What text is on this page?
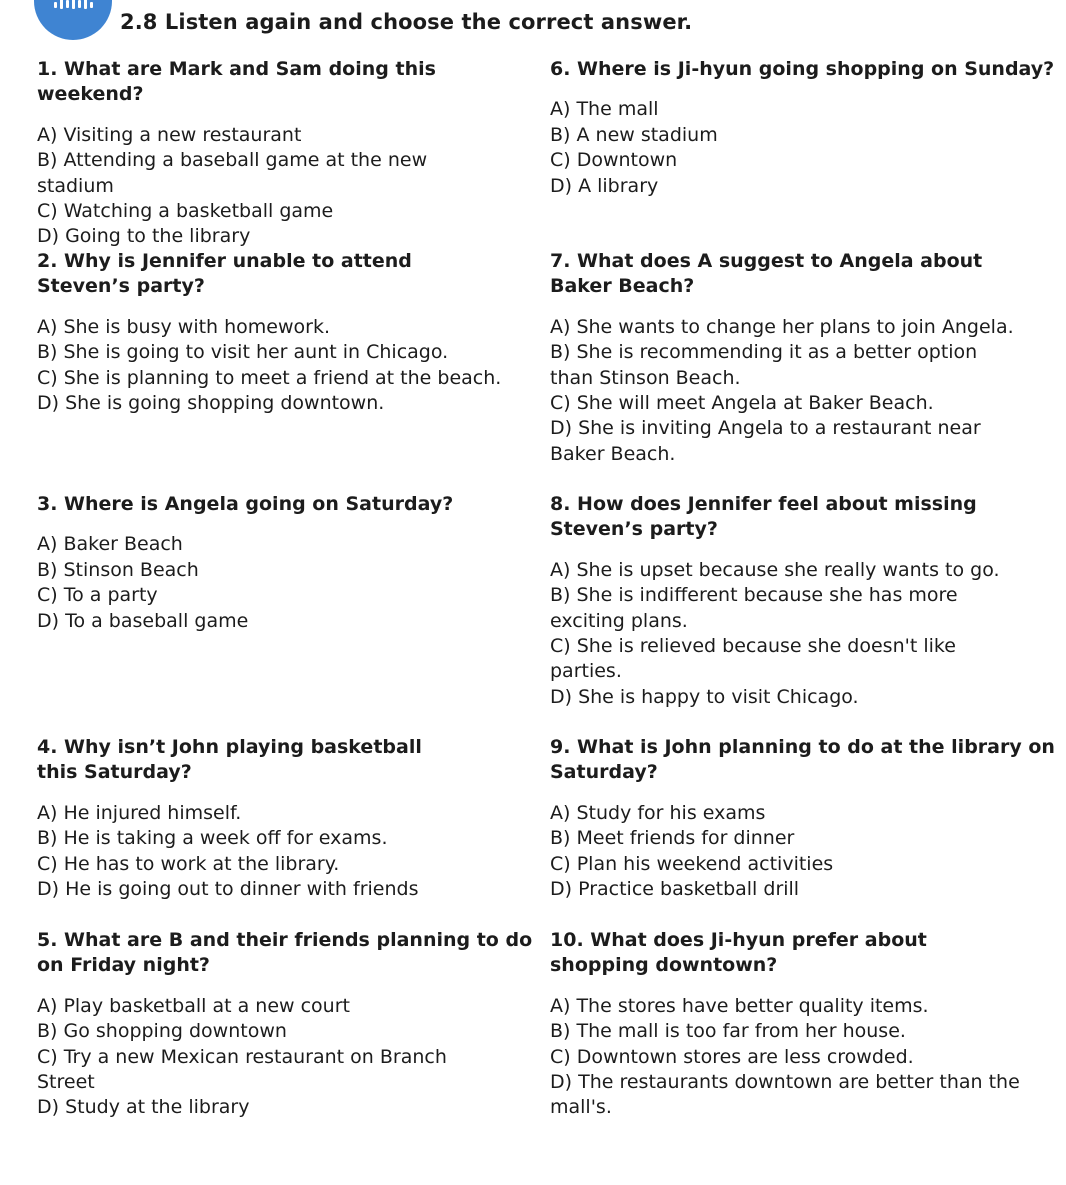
2.8 Listen again and choose the correct answer.
1. What are Mark and Sam doing this weekend?
A) Visiting a new restaurant
B) Attending a baseball game at the new stadium
C) Watching a basketball game
D) Going to the library
2. Why is Jennifer unable to attend Steven’s party?
A) She is busy with homework.
B) She is going to visit her aunt in Chicago.
C) She is planning to meet a friend at the beach.
D) She is going shopping downtown.
3. Where is Angela going on Saturday?
A) Baker Beach
B) Stinson Beach
C) To a party
D) To a baseball game
4. Why isn’t John playing basketball this Saturday?
A) He injured himself.
B) He is taking a week off for exams.
C) He has to work at the library.
D) He is going out to dinner with friends
5. What are B and their friends planning to do on Friday night?
A) Play basketball at a new court
B) Go shopping downtown
C) Try a new Mexican restaurant on Branch Street
D) Study at the library
6. Where is Ji-hyun going shopping on Sunday?
A) The mall
B) A new stadium
C) Downtown
D) A library
7. What does A suggest to Angela about Baker Beach?
A) She wants to change her plans to join Angela.
B) She is recommending it as a better option than Stinson Beach.
C) She will meet Angela at Baker Beach.
D) She is inviting Angela to a restaurant near Baker Beach.
8. How does Jennifer feel about missing Steven’s party?
A) She is upset because she really wants to go.
B) She is indifferent because she has more exciting plans.
C) She is relieved because she doesn't like parties.
D) She is happy to visit Chicago.
9. What is John planning to do at the library on Saturday?
A) Study for his exams
B) Meet friends for dinner
C) Plan his weekend activities
D) Practice basketball drill
10. What does Ji-hyun prefer about shopping downtown?
A) The stores have better quality items.
B) The mall is too far from her house.
C) Downtown stores are less crowded.
D) The restaurants downtown are better than the mall's.
